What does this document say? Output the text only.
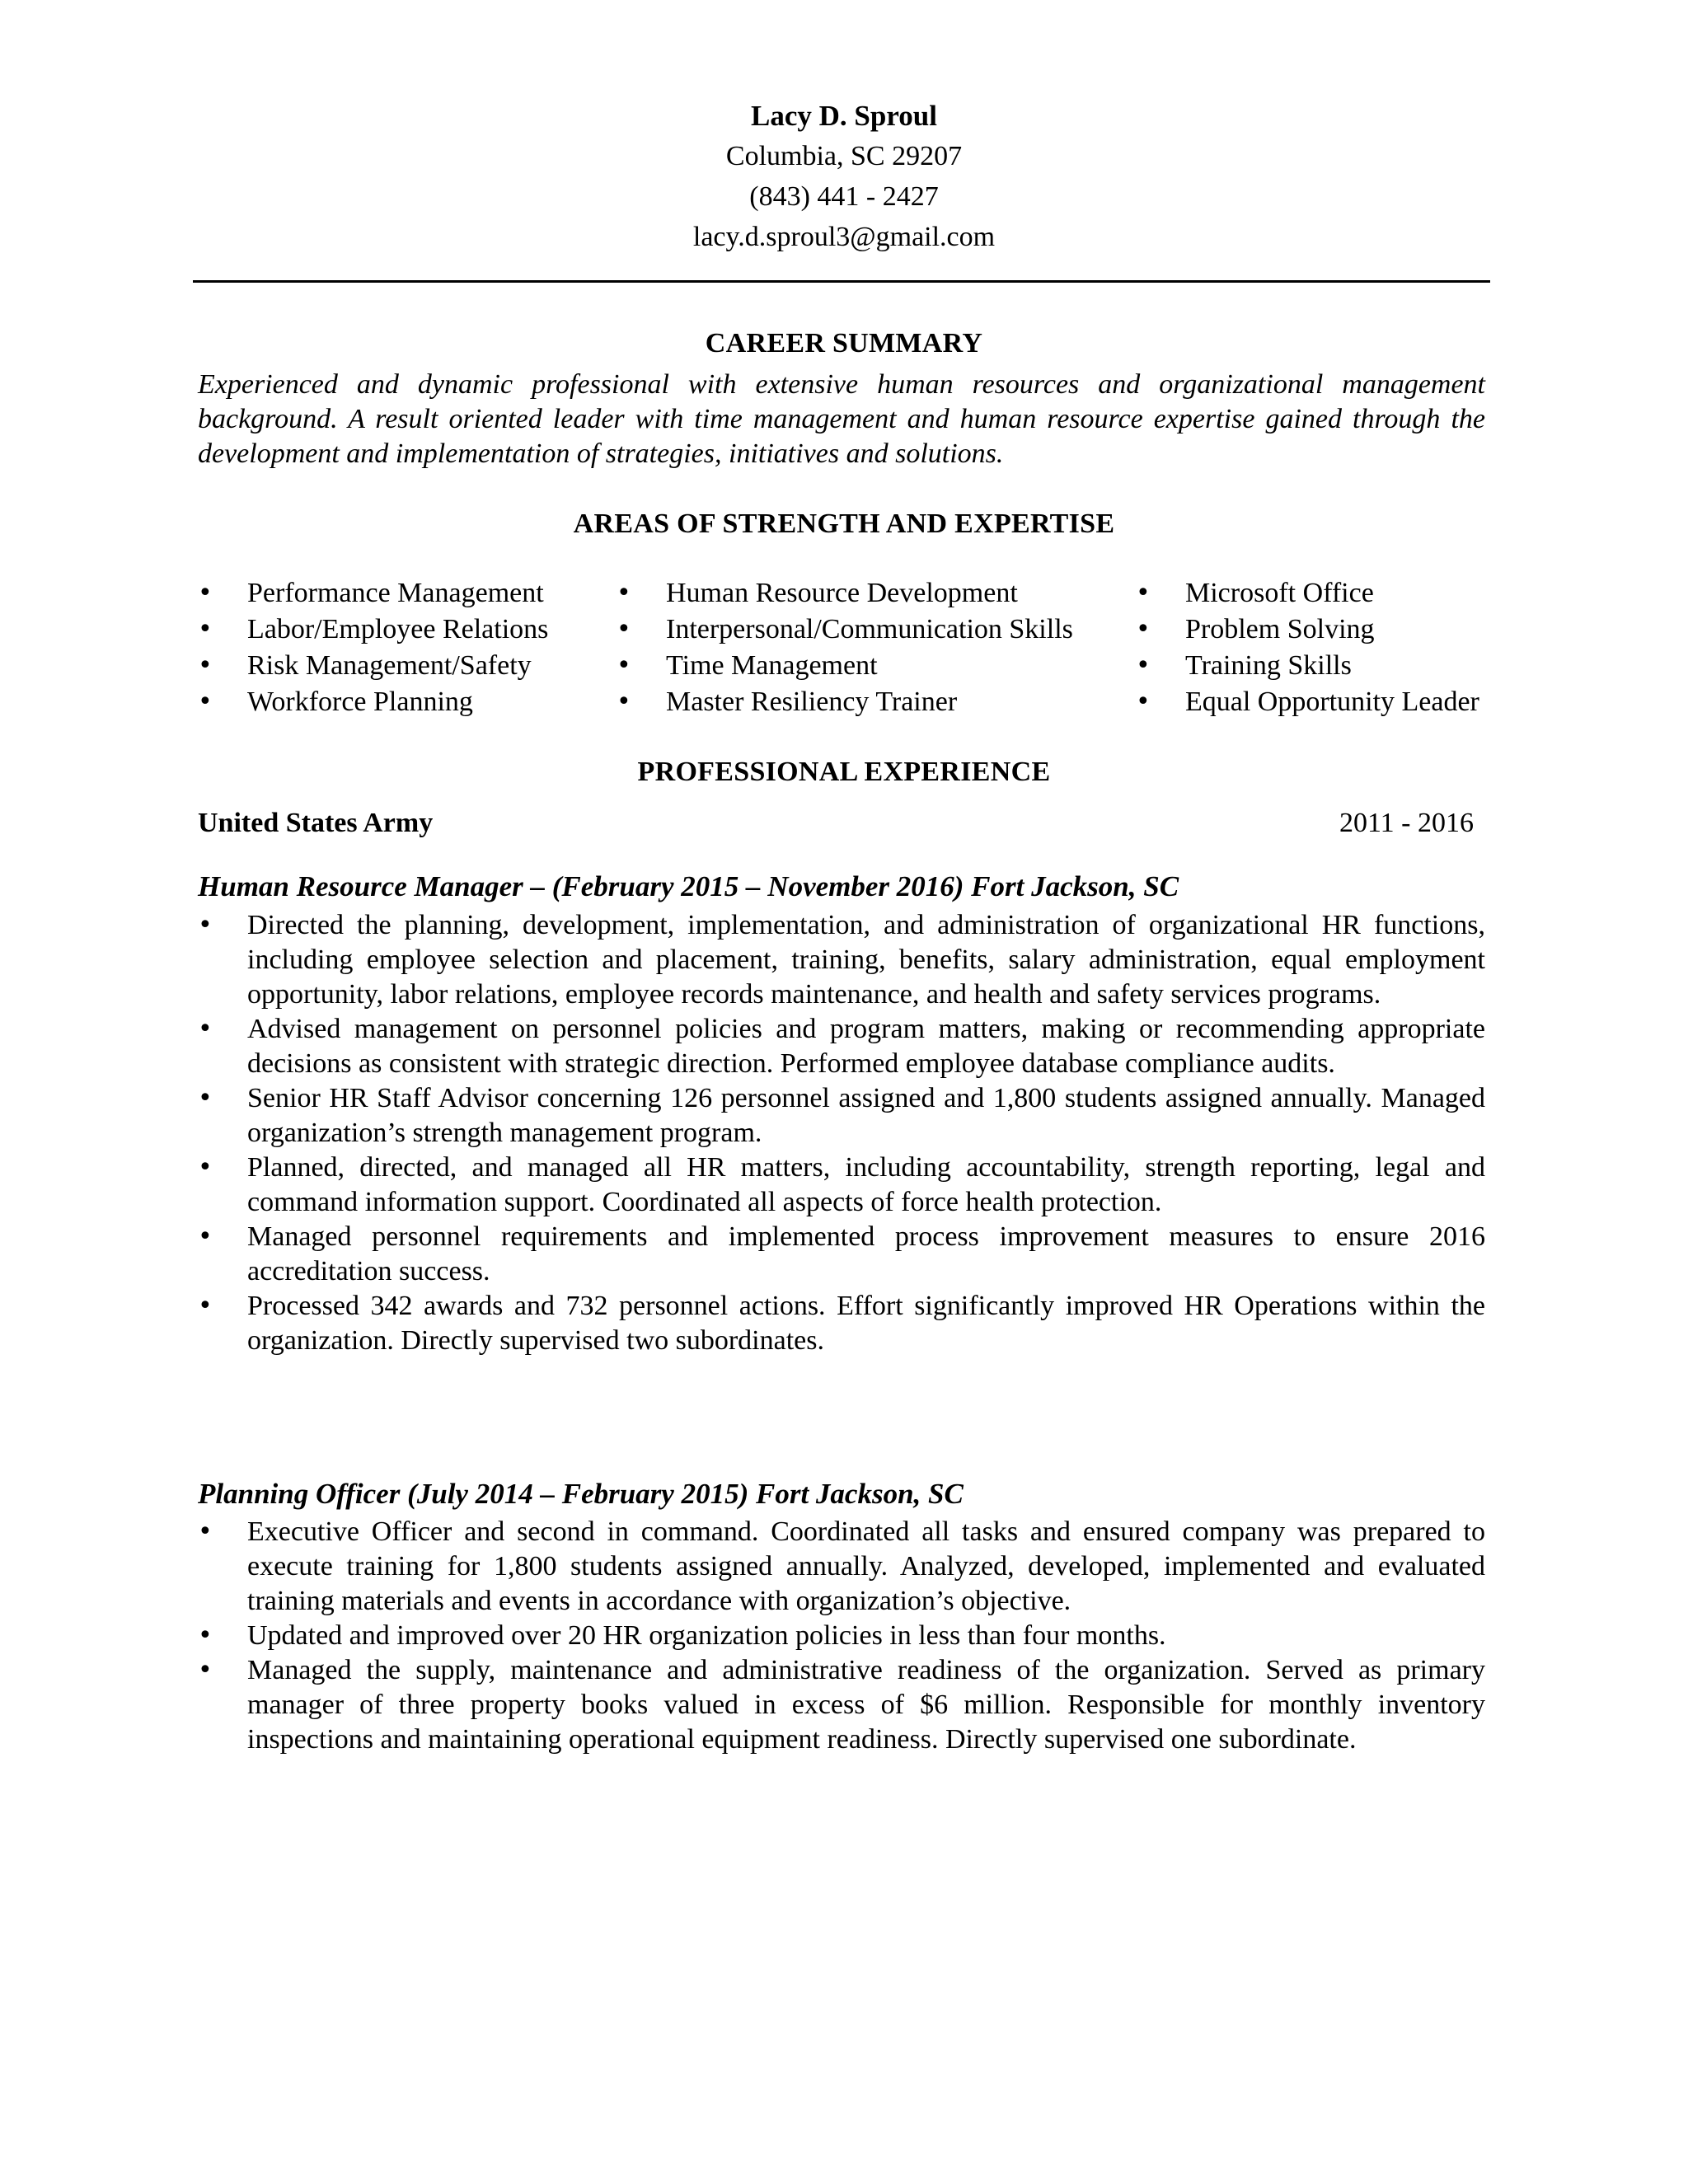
Lacy D. Sproul
Columbia, SC 29207
(843) 441 - 2427
lacy.d.sproul3@gmail.com
CAREER SUMMARY
Experienced and dynamic professional with extensive human resources and organizational management background. A result oriented leader with time management and human resource expertise gained through the development and implementation of strategies, initiatives and solutions.
AREAS OF STRENGTH AND EXPERTISE
• Performance Management
• Labor/Employee Relations
• Risk Management/Safety
• Workforce Planning
• Human Resource Development
• Interpersonal/Communication Skills
• Time Management
• Master Resiliency Trainer
• Microsoft Office
• Problem Solving
• Training Skills
• Equal Opportunity Leader
PROFESSIONAL EXPERIENCE
United States Army	2011 - 2016
Human Resource Manager – (February 2015 – November 2016) Fort Jackson, SC
• Directed the planning, development, implementation, and administration of organizational HR functions, including employee selection and placement, training, benefits, salary administration, equal employment opportunity, labor relations, employee records maintenance, and health and safety services programs.
• Advised management on personnel policies and program matters, making or recommending appropriate decisions as consistent with strategic direction. Performed employee database compliance audits.
• Senior HR Staff Advisor concerning 126 personnel assigned and 1,800 students assigned annually. Managed organization’s strength management program.
• Planned, directed, and managed all HR matters, including accountability, strength reporting, legal and command information support. Coordinated all aspects of force health protection.
• Managed personnel requirements and implemented process improvement measures to ensure 2016 accreditation success.
• Processed 342 awards and 732 personnel actions. Effort significantly improved HR Operations within the organization. Directly supervised two subordinates.
Planning Officer (July 2014 – February 2015) Fort Jackson, SC
• Executive Officer and second in command. Coordinated all tasks and ensured company was prepared to execute training for 1,800 students assigned annually. Analyzed, developed, implemented and evaluated training materials and events in accordance with organization’s objective.
• Updated and improved over 20 HR organization policies in less than four months.
• Managed the supply, maintenance and administrative readiness of the organization. Served as primary manager of three property books valued in excess of $6 million. Responsible for monthly inventory inspections and maintaining operational equipment readiness. Directly supervised one subordinate.
